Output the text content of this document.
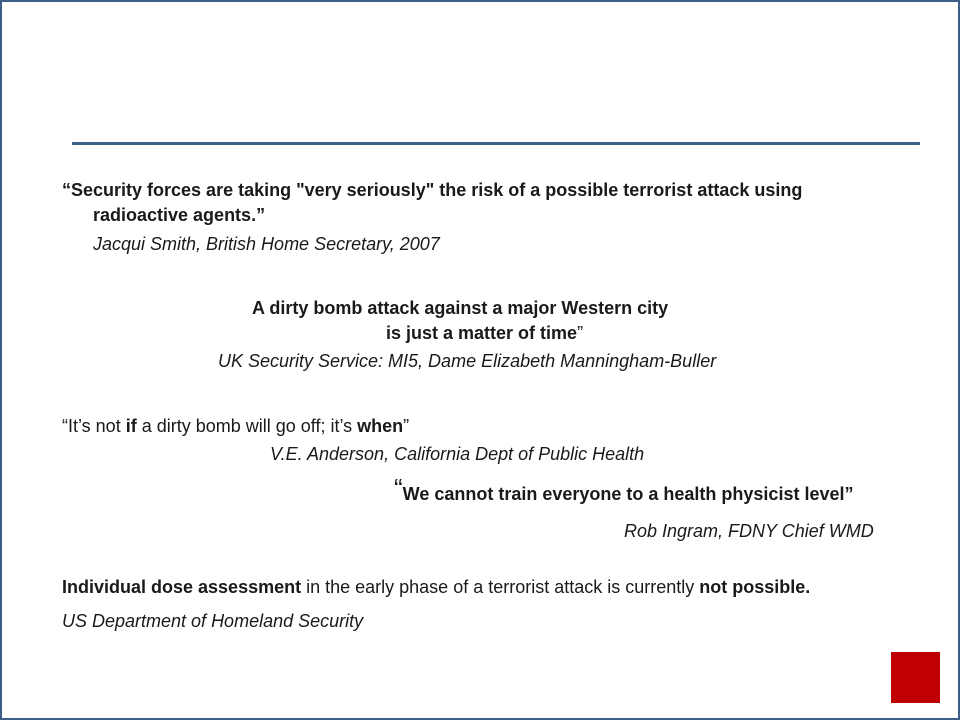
“Security forces are taking "very seriously" the risk of a possible terrorist attack using
radioactive agents.”
Jacqui Smith, British Home Secretary, 2007
A dirty bomb attack against a major Western city
is just a matter of time”
UK Security Service: MI5, Dame Elizabeth Manningham-Buller
“It’s not if a dirty bomb will go off; it’s when”
V.E. Anderson, California Dept of Public Health
“We cannot train everyone to a health physicist level”
Rob Ingram, FDNY Chief WMD
Individual dose assessment in the early phase of a terrorist attack is currently not possible.
US Department of Homeland Security
